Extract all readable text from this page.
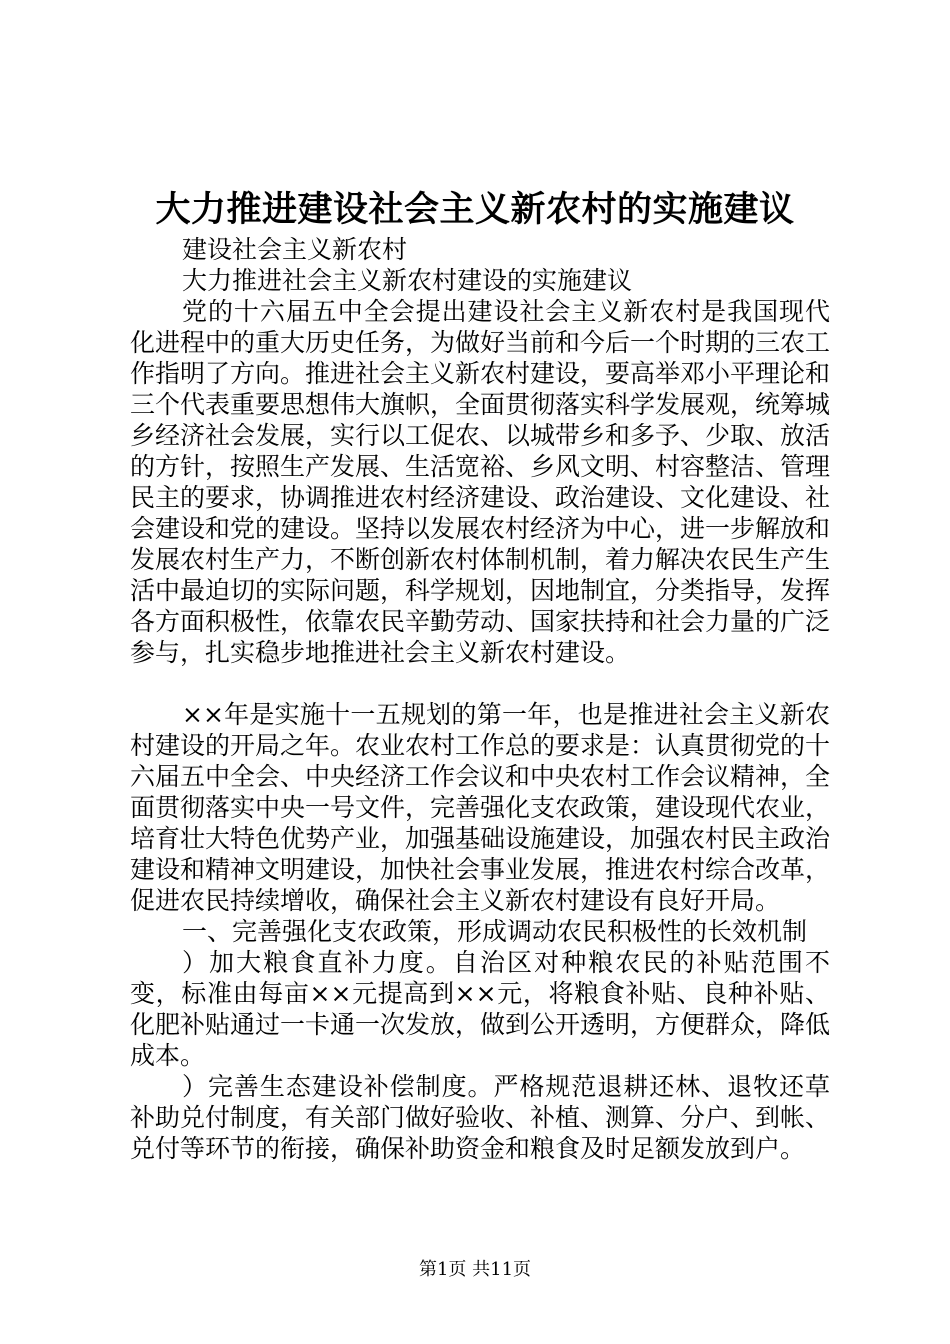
大力推进建设社会主义新农村的实施建议

建设社会主义新农村

大力推进社会主义新农村建设的实施建议

党的十六届五中全会提出建设社会主义新农村是我国现代化进程中的重大历史任务，为做好当前和今后一个时期的三农工作指明了方向。推进社会主义新农村建设，要高举邓小平理论和三个代表重要思想伟大旗帜，全面贯彻落实科学发展观，统筹城乡经济社会发展，实行以工促农、以城带乡和多予、少取、放活的方针，按照生产发展、生活宽裕、乡风文明、村容整洁、管理民主的要求，协调推进农村经济建设、政治建设、文化建设、社会建设和党的建设。坚持以发展农村经济为中心，进一步解放和发展农村生产力，不断创新农村体制机制，着力解决农民生产生活中最迫切的实际问题，科学规划，因地制宜，分类指导，发挥各方面积极性，依靠农民辛勤劳动、国家扶持和社会力量的广泛参与，扎实稳步地推进社会主义新农村建设。

××年是实施十一五规划的第一年，也是推进社会主义新农村建设的开局之年。农业农村工作总的要求是：认真贯彻党的十六届五中全会、中央经济工作会议和中央农村工作会议精神，全面贯彻落实中央一号文件，完善强化支农政策，建设现代农业，培育壮大特色优势产业，加强基础设施建设，加强农村民主政治建设和精神文明建设，加快社会事业发展，推进农村综合改革，促进农民持续增收，确保社会主义新农村建设有良好开局。

一、完善强化支农政策，形成调动农民积极性的长效机制

）加大粮食直补力度。自治区对种粮农民的补贴范围不变，标准由每亩××元提高到××元，将粮食补贴、良种补贴、化肥补贴通过一卡通一次发放，做到公开透明，方便群众，降低成本。

）完善生态建设补偿制度。严格规范退耕还林、退牧还草补助兑付制度，有关部门做好验收、补植、测算、分户、到帐、兑付等环节的衔接，确保补助资金和粮食及时足额发放到户。

第1页 共11页
